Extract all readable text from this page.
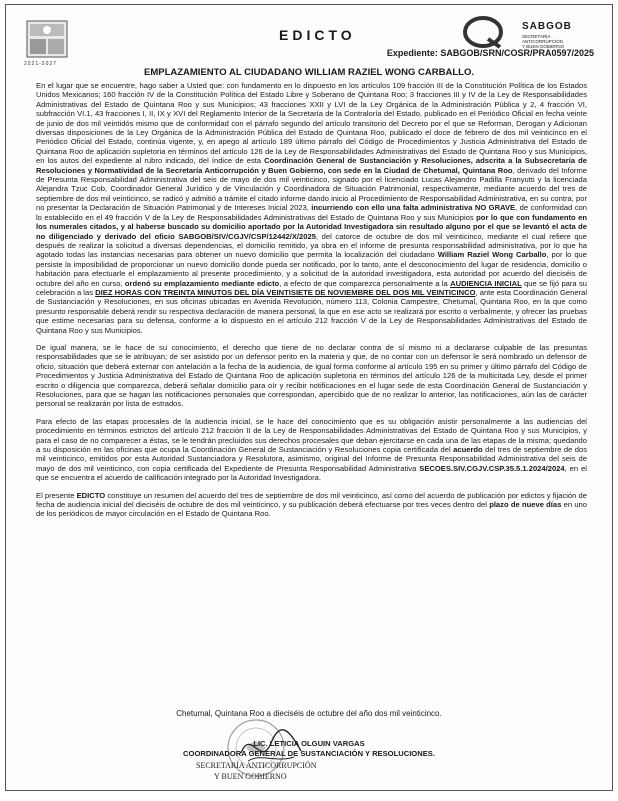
2021-2027
EDICTO
SABGOB
SECRETARÍA
ANTICORRUPCIÓN
Y BUEN GOBIERNO
Expediente: SABGOB/SRN/COSR/PRA0597/2025
EMPLAZAMIENTO AL CIUDADANO WILLIAM RAZIEL WONG CARBALLO.

En el lugar que se encuentre, hago saber a Usted que: con fundamento en lo dispuesto en los artículos 109 fracción III de la Constitución Política de los Estados Unidos Mexicanos; 160 fracción IV de la Constitución Política del Estado Libre y Soberano de Quintana Roo; 3 fracciones III y IV de la Ley de Responsabilidades Administrativas del Estado de Quintana Roo y sus Municipios; 43 fracciones XXII y LVI de la Ley Orgánica de la Administración Pública y 2, 4 fracción VI, subfracción VI.1, 43 fracciones I, II, IX y XVI del Reglamento Interior de la Secretaría de la Contraloría del Estado, publicado en el Periódico Oficial en fecha veinte de junio de dos mil veintidós mismo que de conformidad con el párrafo segundo del artículo transitorio del Decreto por el que se Reforman, Derogan y Adicionan diversas disposiciones de la Ley Orgánica de la Administración Pública del Estado de Quintana Roo, publicado el doce de febrero de dos mil veinticinco en el Periódico Oficial del Estado, continúa vigente, y, en apego al artículo 189 último párrafo del Código de Procedimientos y Justicia Administrativa del Estado de Quintana Roo de aplicación supletoria en términos del artículo 126 de la Ley de Responsabilidades Administrativas del Estado de Quintana Roo y sus Municipios, en los autos del expediente al rubro indicado, del índice de esta Coordinación General de Sustanciación y Resoluciones, adscrita a la Subsecretaría de Resoluciones y Normatividad de la Secretaría Anticorrupción y Buen Gobierno, con sede en la Ciudad de Chetumal, Quintana Roo, derivado del Informe de Presunta Responsabilidad Administrativa del seis de mayo de dos mil veinticinco, signado por el licenciado Lucas Alejandro Padilla Franyutti y la licenciada Alejandra Tzuc Cob, Coordinador General Jurídico y de Vinculación y Coordinadora de Situación Patrimonial, respectivamente, mediante acuerdo del tres de septiembre de dos mil veinticinco, se radicó y admitió a trámite el citado informe dando inicio al Procedimiento de Responsabilidad Administrativa, en su contra, por no presentar la Declaración de Situación Patrimonial y de Intereses Inicial 2023, incurriendo con ello una falta administrativa NO GRAVE, de conformidad con lo establecido en el 49 fracción V de la Ley de Responsabilidades Administrativas del Estado de Quintana Roo y sus Municipios por lo que con fundamento en los numerales citados, y al haberse buscado su domicilio aportado por la Autoridad Investigadora sin resultado alguno por el que se levantó el acta de no diligenciado y derivado del oficio SABGOB/SIV/CGJV/CSP/12442/X/2025, del catorce de octubre de dos mil veinticinco, mediante el cual refiere que después de realizar la solicitud a diversas dependencias, el domicilio remitido, ya obra en el informe de presunta responsabilidad administrativa, por lo que ha agotado todas las instancias necesarias para obtener un nuevo domicilio que permita la localización del ciudadano William Raziel Wong Carballo, por lo que persiste la imposibilidad de proporcionar un nuevo domicilio donde pueda ser notificado, por lo tanto, ante el desconocimiento del lugar de residencia, domicilio o habitación para efectuarle el emplazamiento al presente procedimiento, y a solicitud de la autoridad investigadora, esta autoridad por acuerdo del dieciséis de octubre del año en curso, ordenó su emplazamiento mediante edicto, a efecto de que comparezca personalmente a la AUDIENCIA INICIAL que se fijó para su celebración a las DIEZ HORAS CON TREINTA MINUTOS DEL DÍA VEINTISIETE DE NOVIEMBRE DEL DOS MIL VEINTICINCO, ante esta Coordinación General de Sustanciación y Resoluciones, en sus oficinas ubicadas en Avenida Revolución, número 113, Colonia Campestre, Chetumal, Quintana Roo, en la que como presunto responsable deberá rendir su respectiva declaración de manera personal, la que en ese acto se realizará por escrito o verbalmente, y ofrecer las pruebas que estime necesarias para su defensa, conforme a lo dispuesto en el artículo 212 fracción V de la Ley de Responsabilidades Administrativas del Estado de Quintana Roo y sus Municipios.

De igual manera, se le hace de su conocimiento, el derecho que tiene de no declarar contra de sí mismo ni a declararse culpable de las presuntas responsabilidades que se le atribuyan; de ser asistido por un defensor perito en la materia y que, de no contar con un defensor le será nombrado un defensor de oficio, situación que deberá externar con antelación a la fecha de la audiencia, de igual forma conforme al artículo 195 en su primer y último párrafo del Código de Procedimientos y Justicia Administrativa del Estado de Quintana Roo de aplicación supletoria en términos del artículo 126 de la multicitada Ley, desde el primer escrito o diligencia que comparezca, deberá señalar domicilio para oír y recibir notificaciones en el lugar sede de esta Coordinación General de Sustanciación y Resoluciones, para que se hagan las notificaciones personales que correspondan, apercibido que de no realizar lo anterior, las notificaciones, aún las de carácter personal se realizarán por lista de estrados.

Para efecto de las etapas procesales de la audiencia inicial, se le hace del conocimiento que es su obligación asistir personalmente a las audiencias del procedimiento en términos estrictos del artículo 212 fracción II de la Ley de Responsabilidades Administrativas del Estado de Quintana Roo y sus Municipios, y para el caso de no comparecer a éstas, se le tendrán precluidos sus derechos procesales que deban ejercitarse en cada una de las etapas de la misma; quedando a su disposición en las oficinas que ocupa la Coordinación General de Sustanciación y Resoluciones copia certificada del acuerdo del tres de septiembre de dos mil veinticinco, emitidos por esta Autoridad Sustanciadora y Resolutora, asimismo, original del Informe de Presunta Responsabilidad Administrativa del seis de mayo de dos mil veinticinco, con copia certificada del Expediente de Presunta Responsabilidad Administrativa SECOES.SIV.CGJV.CSP.35.5.1.2024/2024, en el que se encuentra el acuerdo de calificación integrado por la Autoridad Investigadora.

El presente EDICTO constituye un resumen del acuerdo del tres de septiembre de dos mil veinticinco, así como del acuerdo de publicación por edictos y fijación de fecha de audiencia inicial del dieciséis de octubre de dos mil veinticinco, y su publicación deberá efectuarse por tres veces dentro del plazo de nueve días en uno de los periódicos de mayor circulación en el Estado de Quintana Roo.

Chetumal, Quintana Roo a dieciséis de octubre del año dos mil veinticinco.
LIC. LETICIA OLGUIN VARGAS
COORDINADORA GENERAL DE SUSTANCIACIÓN Y RESOLUCIONES.
SECRETARÍA ANTICORRUPCIÓN
Y BUEN GOBIERNO
